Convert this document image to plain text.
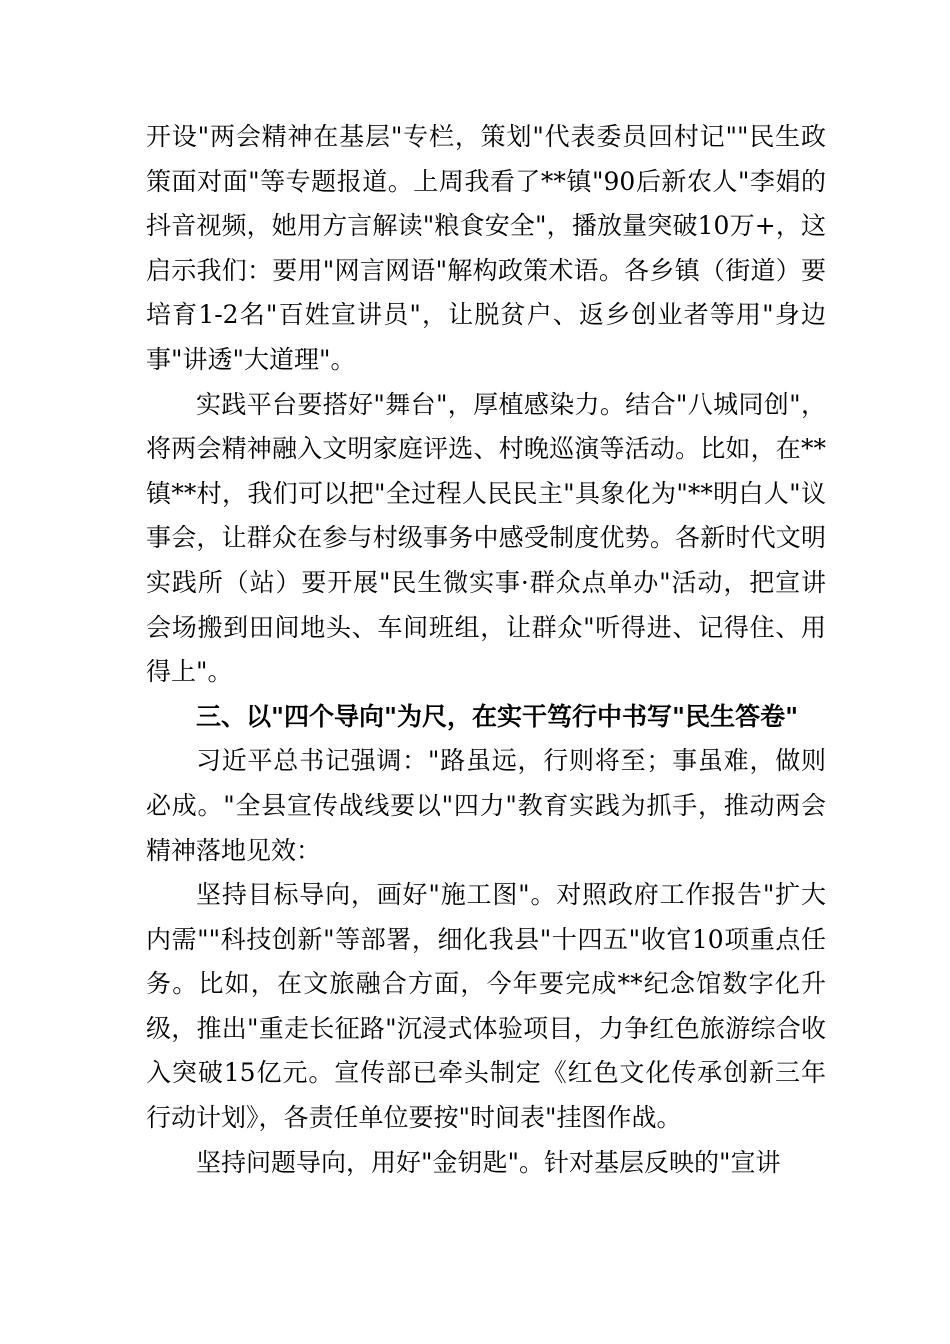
开设"两会精神在基层"专栏，策划"代表委员回村记""民生政策面对面"等专题报道。上周我看了**镇"90后新农人"李娟的抖音视频，她用方言解读"粮食安全"，播放量突破10万+，这启示我们：要用"网言网语"解构政策术语。各乡镇（街道）要培育1-2名"百姓宣讲员"，让脱贫户、返乡创业者等用"身边事"讲透"大道理"。

实践平台要搭好"舞台"，厚植感染力。结合"八城同创"，将两会精神融入文明家庭评选、村晚巡演等活动。比如，在**镇**村，我们可以把"全过程人民民主"具象化为"**明白人"议事会，让群众在参与村级事务中感受制度优势。各新时代文明实践所（站）要开展"民生微实事·群众点单办"活动，把宣讲会场搬到田间地头、车间班组，让群众"听得进、记得住、用得上"。

三、以"四个导向"为尺，在实干笃行中书写"民生答卷"

习近平总书记强调："路虽远，行则将至；事虽难，做则必成。"全县宣传战线要以"四力"教育实践为抓手，推动两会精神落地见效：

坚持目标导向，画好"施工图"。对照政府工作报告"扩大内需""科技创新"等部署，细化我县"十四五"收官10项重点任务。比如，在文旅融合方面，今年要完成**纪念馆数字化升级，推出"重走长征路"沉浸式体验项目，力争红色旅游综合收入突破15亿元。宣传部已牵头制定《红色文化传承创新三年行动计划》，各责任单位要按"时间表"挂图作战。

坚持问题导向，用好"金钥匙"。针对基层反映的"宣讲
